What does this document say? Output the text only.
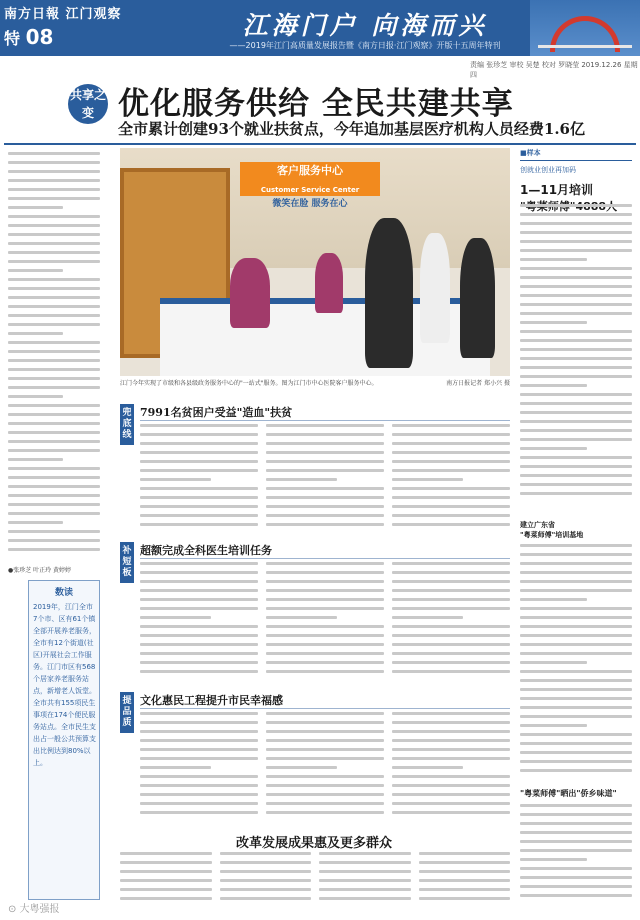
南方日報 江门观察
特 08	江海门户 向海而兴
——2019年江门高质量发展报告暨《南方日报·江门观察》开版十五周年特刊
责编 张珍芝 审校 吴楚 校对 罗晓莹 2019.12.26 星期四
共享之变 优化服务供给 全民共建共享
全市累计创建93个就业扶贫点，今年追加基层医疗机构人员经费1.6亿
●张珍芝 叶正玲 黄婷婷
数读
2019年，江门全市7个市、区有61个镇全部开展养老服务，全市有12个街道(社区)开展社会工作服务。江门市区有568个居家养老服务站点，新增老人饭堂。全市共有155项民生事项在174个便民服务站点。全市民生支出占一般公共预算支出比例达到80%以上。
客户服务中心
Customer Service Center
微笑在脸 服务在心
江门今年实现了市级和各县级政务服务中心的"一站式"服务。图为江门市中心医院客户服务中心。	南方日报记者 郑小兴 摄
■样本
创就业创业再加码
1—11月培训
建立广东省
"粤菜师傅"培训基地
"粤菜师傅"晒出"侨乡味道"
兜底线
7991名贫困户受益"造血"扶贫
补短板
超额完成全科医生培训任务
提品质
文化惠民工程提升市民幸福感
改革发展成果惠及更多群众
⊙ 大粤强报
